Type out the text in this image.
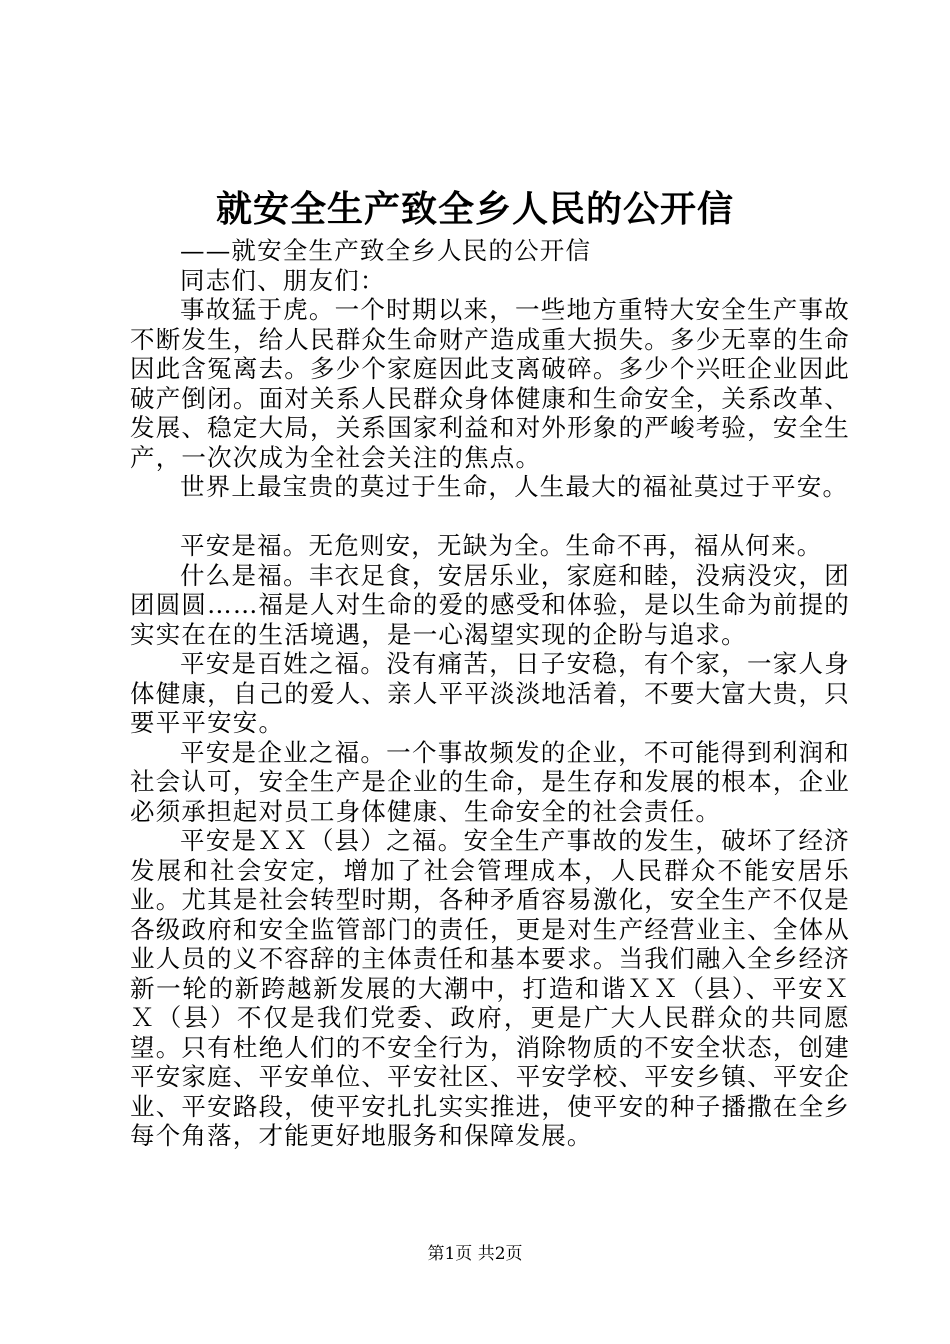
就安全生产致全乡人民的公开信

——就安全生产致全乡人民的公开信

同志们、朋友们：

事故猛于虎。一个时期以来，一些地方重特大安全生产事故不断发生，给人民群众生命财产造成重大损失。多少无辜的生命因此含冤离去。多少个家庭因此支离破碎。多少个兴旺企业因此破产倒闭。面对关系人民群众身体健康和生命安全，关系改革、发展、稳定大局，关系国家利益和对外形象的严峻考验，安全生产，一次次成为全社会关注的焦点。

世界上最宝贵的莫过于生命，人生最大的福祉莫过于平安。

平安是福。无危则安，无缺为全。生命不再，福从何来。

什么是福。丰衣足食，安居乐业，家庭和睦，没病没灾，团团圆圆……福是人对生命的爱的感受和体验，是以生命为前提的实实在在的生活境遇，是一心渴望实现的企盼与追求。

平安是百姓之福。没有痛苦，日子安稳，有个家，一家人身体健康，自己的爱人、亲人平平淡淡地活着，不要大富大贵，只要平平安安。

平安是企业之福。一个事故频发的企业，不可能得到利润和社会认可，安全生产是企业的生命，是生存和发展的根本，企业必须承担起对员工身体健康、生命安全的社会责任。

平安是ＸＸ（县）之福。安全生产事故的发生，破坏了经济发展和社会安定，增加了社会管理成本，人民群众不能安居乐业。尤其是社会转型时期，各种矛盾容易激化，安全生产不仅是各级政府和安全监管部门的责任，更是对生产经营业主、全体从业人员的义不容辞的主体责任和基本要求。当我们融入全乡经济新一轮的新跨越新发展的大潮中，打造和谐ＸＸ（县）、平安ＸＸ（县）不仅是我们党委、政府，更是广大人民群众的共同愿望。只有杜绝人们的不安全行为，消除物质的不安全状态，创建平安家庭、平安单位、平安社区、平安学校、平安乡镇、平安企业、平安路段，使平安扎扎实实推进，使平安的种子播撒在全乡每个角落，才能更好地服务和保障发展。

第1页 共2页
